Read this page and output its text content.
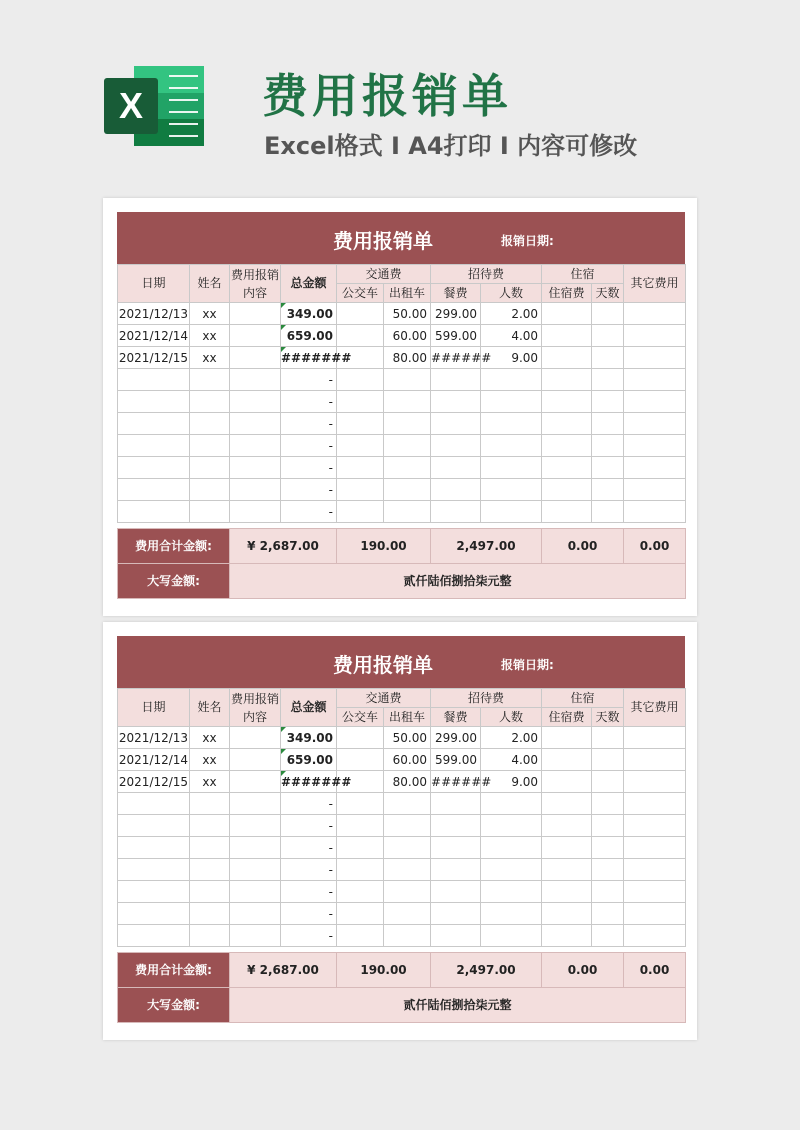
X	费用报销单
Excel格式 I A4打印 I 内容可修改
费用报销单	报销日期:
日期	姓名	费用报销内容	总金额	交通费		招待费		住宿		其它费用
				公交车	出租车	餐费	人数	住宿费	天数	
2021/12/13	xx		349.00		50.00	299.00	2.00			
2021/12/14	xx		659.00		60.00	599.00	4.00			
2021/12/15	xx		#######		80.00	######	9.00			
			-							
			-							
			-							
			-							
			-							
			-							
			-							
费用合计金额:	¥ 2,687.00	190.00	2,497.00	0.00	0.00
大写金额:	贰仟陆佰捌拾柒元整				
费用报销单	报销日期:
日期	姓名	费用报销内容	总金额	交通费		招待费		住宿		其它费用
				公交车	出租车	餐费	人数	住宿费	天数	
2021/12/13	xx		349.00		50.00	299.00	2.00			
2021/12/14	xx		659.00		60.00	599.00	4.00			
2021/12/15	xx		#######		80.00	######	9.00			
			-							
			-							
			-							
			-							
			-							
			-							
			-							
费用合计金额:	¥ 2,687.00	190.00	2,497.00	0.00	0.00
大写金额:	贰仟陆佰捌拾柒元整				
